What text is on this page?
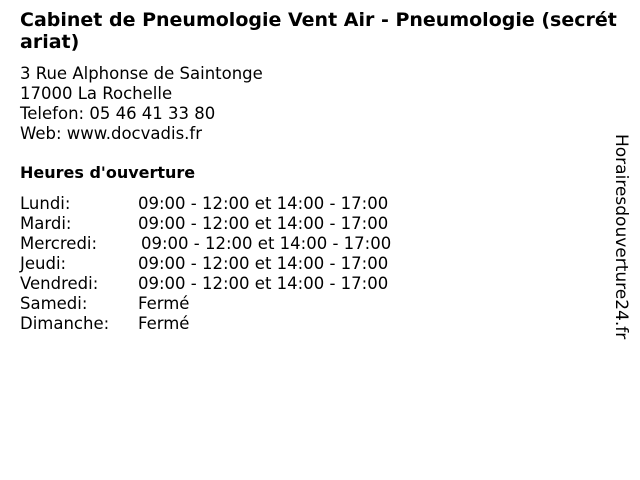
Cabinet de Pneumologie Vent Air - Pneumologie (secrétariat)
3 Rue Alphonse de Saintonge
17000 La Rochelle
Telefon: 05 46 41 33 80
Web: www.docvadis.fr
Heures d'ouverture
Lundi:	09:00 - 12:00 et 14:00 - 17:00
Mardi:	09:00 - 12:00 et 14:00 - 17:00
Mercredi:	09:00 - 12:00 et 14:00 - 17:00
Jeudi:	09:00 - 12:00 et 14:00 - 17:00
Vendredi:	09:00 - 12:00 et 14:00 - 17:00
Samedi:	Fermé
Dimanche:	Fermé	Horairesdouverture24.fr
